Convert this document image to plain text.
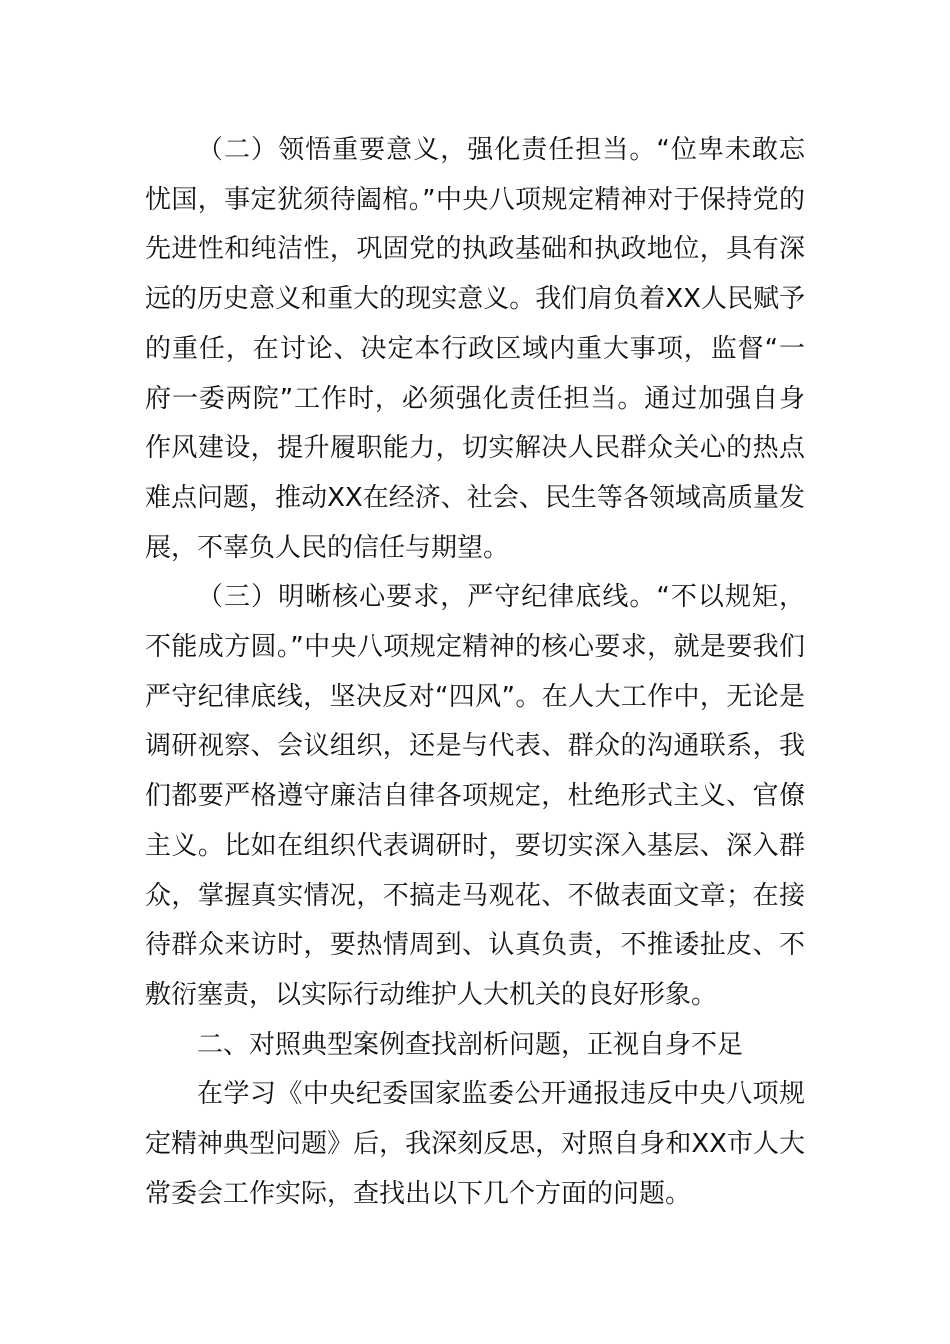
（二）领悟重要意义，强化责任担当。“位卑未敢忘忧国，事定犹须待阖棺。”中央八项规定精神对于保持党的先进性和纯洁性，巩固党的执政基础和执政地位，具有深远的历史意义和重大的现实意义。我们肩负着XX人民赋予的重任，在讨论、决定本行政区域内重大事项，监督“一府一委两院”工作时，必须强化责任担当。通过加强自身作风建设，提升履职能力，切实解决人民群众关心的热点难点问题，推动XX在经济、社会、民生等各领域高质量发展，不辜负人民的信任与期望。

（三）明晰核心要求，严守纪律底线。“不以规矩，不能成方圆。”中央八项规定精神的核心要求，就是要我们严守纪律底线，坚决反对“四风”。在人大工作中，无论是调研视察、会议组织，还是与代表、群众的沟通联系，我们都要严格遵守廉洁自律各项规定，杜绝形式主义、官僚主义。比如在组织代表调研时，要切实深入基层、深入群众，掌握真实情况，不搞走马观花、不做表面文章；在接待群众来访时，要热情周到、认真负责，不推诿扯皮、不敷衍塞责，以实际行动维护人大机关的良好形象。

二、对照典型案例查找剖析问题，正视自身不足

在学习《中央纪委国家监委公开通报违反中央八项规定精神典型问题》后，我深刻反思，对照自身和XX市人大常委会工作实际，查找出以下几个方面的问题。
